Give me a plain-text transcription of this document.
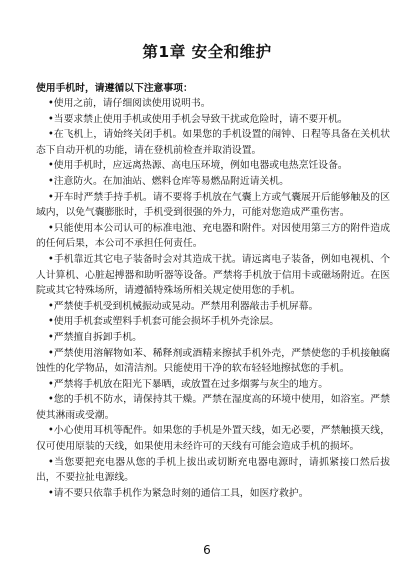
第1章 安全和维护
使用手机时，请遵循以下注意事项：

•使用之前，请仔细阅读使用说明书。

•当要求禁止使用手机或使用手机会导致干扰或危险时，请不要开机。

•在飞机上，请始终关闭手机。如果您的手机设置的闹钟、日程等具备在关机状态下自动开机的功能，请在登机前检查并取消设置。

•使用手机时，应远离热源、高电压环境，例如电器或电热烹饪设备。

•注意防火。在加油站、燃料仓库等易燃品附近请关机。

•开车时严禁手持手机。请不要将手机放在气囊上方或气囊展开后能够触及的区域内，以免气囊膨胀时，手机受到很强的外力，可能对您造成严重伤害。

•只能使用本公司认可的标准电池、充电器和附件。对因使用第三方的附件造成的任何后果，本公司不承担任何责任。

•手机靠近其它电子装备时会对其造成干扰。请远离电子装备，例如电视机、个人计算机、心脏起搏器和助听器等设备。严禁将手机放于信用卡或磁场附近。在医院或其它特殊场所，请遵循特殊场所相关规定使用您的手机。

•严禁使手机受到机械振动或晃动。严禁用利器敲击手机屏幕。

•使用手机套或塑料手机套可能会损坏手机外壳涂层。

•严禁擅自拆卸手机。

•严禁使用溶解物如苯、稀释剂或酒精来擦拭手机外壳，严禁使您的手机接触腐蚀性的化学物品，如清洁剂。只能使用干净的软布轻轻地擦拭您的手机。

•严禁将手机放在阳光下暴晒，或放置在过多烟雾与灰尘的地方。

•您的手机不防水，请保持其干燥。严禁在湿度高的环境中使用，如浴室。严禁使其淋雨或受潮。

•小心使用耳机等配件。如果您的手机是外置天线，如无必要，严禁触摸天线，仅可使用原装的天线，如果使用未经许可的天线有可能会造成手机的损坏。

•当您要把充电器从您的手机上拔出或切断充电器电源时，请抓紧接口然后拔出，不要拉扯电源线。

•请不要只依靠手机作为紧急时刻的通信工具，如医疗救护。

6
